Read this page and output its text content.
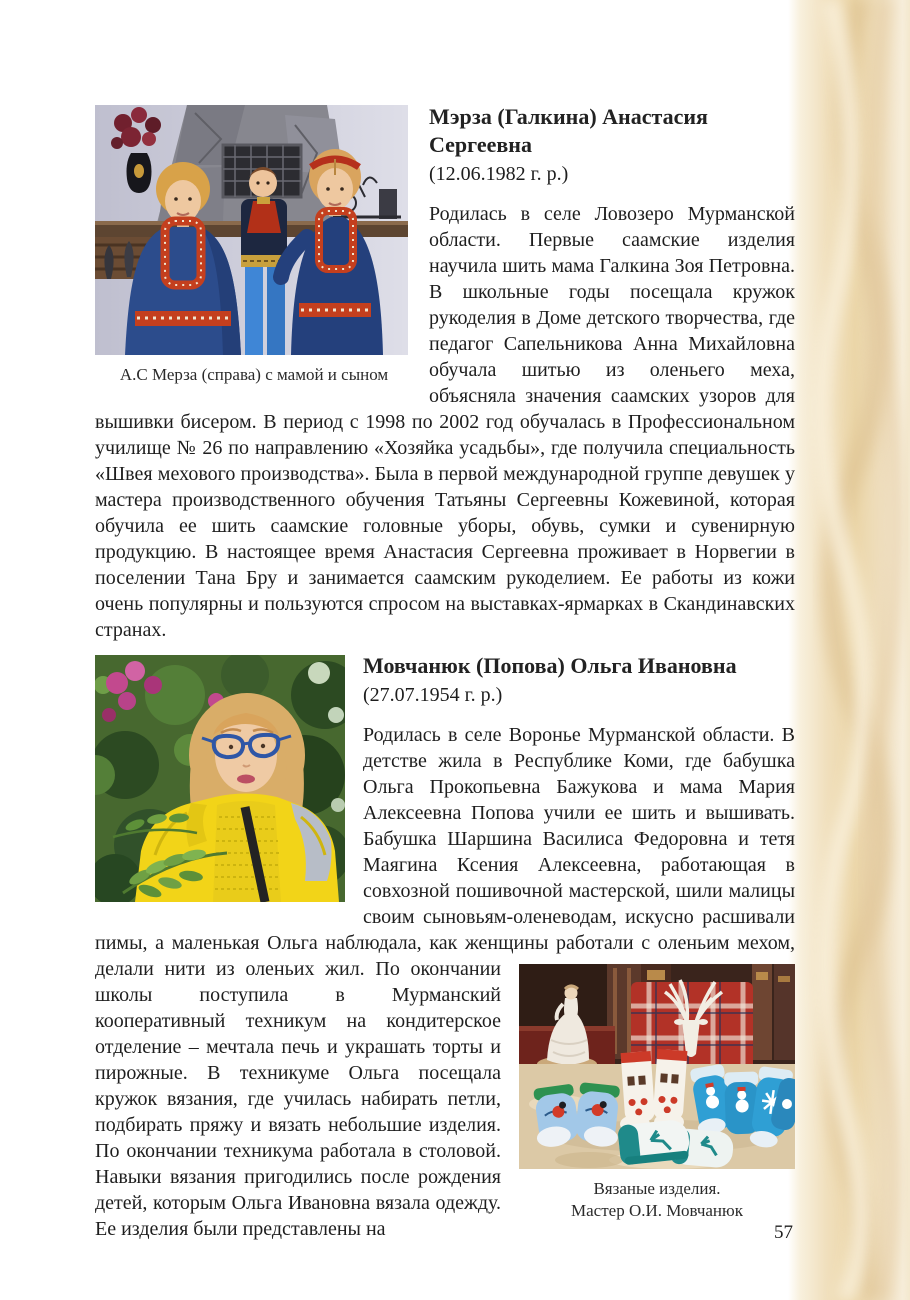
А.С Мерза (справа) с мамой и сыном
Мэрза (Галкина) Анастасия Сергеевна
(12.06.1982 г. р.)
Родилась в селе Ловозеро Мурманской области. Первые саамские изделия научила шить мама Галкина Зоя Петровна. В школьные годы посещала кружок рукоделия в Доме детского творчества, где педагог Сапельникова Анна Михайловна обучала шитью из оленьего меха, объясняла значения саамских узоров для вышивки бисером. В период с 1998 по 2002 год обучалась в Профессиональном училище № 26 по направлению «Хозяйка усадьбы», где получила специальность «Швея мехового производства». Была в первой международной группе девушек у мастера производственного обучения Татьяны Сергеевны Кожевиной, которая обучила ее шить саамские головные уборы, обувь, сумки и сувенирную продукцию. В настоящее время Анастасия Сергеевна проживает в Норвегии в поселении Тана Бру и занимается саамским рукоделием. Ее работы из кожи очень популярны и пользуются спросом на выставках-ярмарках в Скандинавских странах.
Мовчанюк (Попова) Ольга Ивановна
(27.07.1954 г. р.)
Родилась в селе Воронье Мурманской области. В детстве жила в Республике Коми, где бабушка Ольга Прокопьевна Бажукова и мама Мария Алексеевна Попова учили ее шить и вышивать. Бабушка Шаршина Василиса Федоровна и тетя Маягина Ксения Алексеевна, работающая в совхозной пошивочной мастерской, шили малицы своим сыновьям-оленеводам, искусно расшивали пимы, а маленькая Ольга наблюдала, как женщины работали с оленьим мехом, делали нити из оленьих жил.
Вязаные изделия.
Мастер О.И. Мовчанюк
По окончании школы поступила в Мурманский кооперативный техникум на кондитерское отделение – мечтала печь и украшать торты и пирожные. В техникуме Ольга посещала кружок вязания, где училась набирать петли, подбирать пряжу и вязать небольшие изделия. По окончании техникума работала в столовой. Навыки вязания пригодились после рождения детей, которым Ольга Ивановна вязала одежду. Ее изделия были представлены на	57
